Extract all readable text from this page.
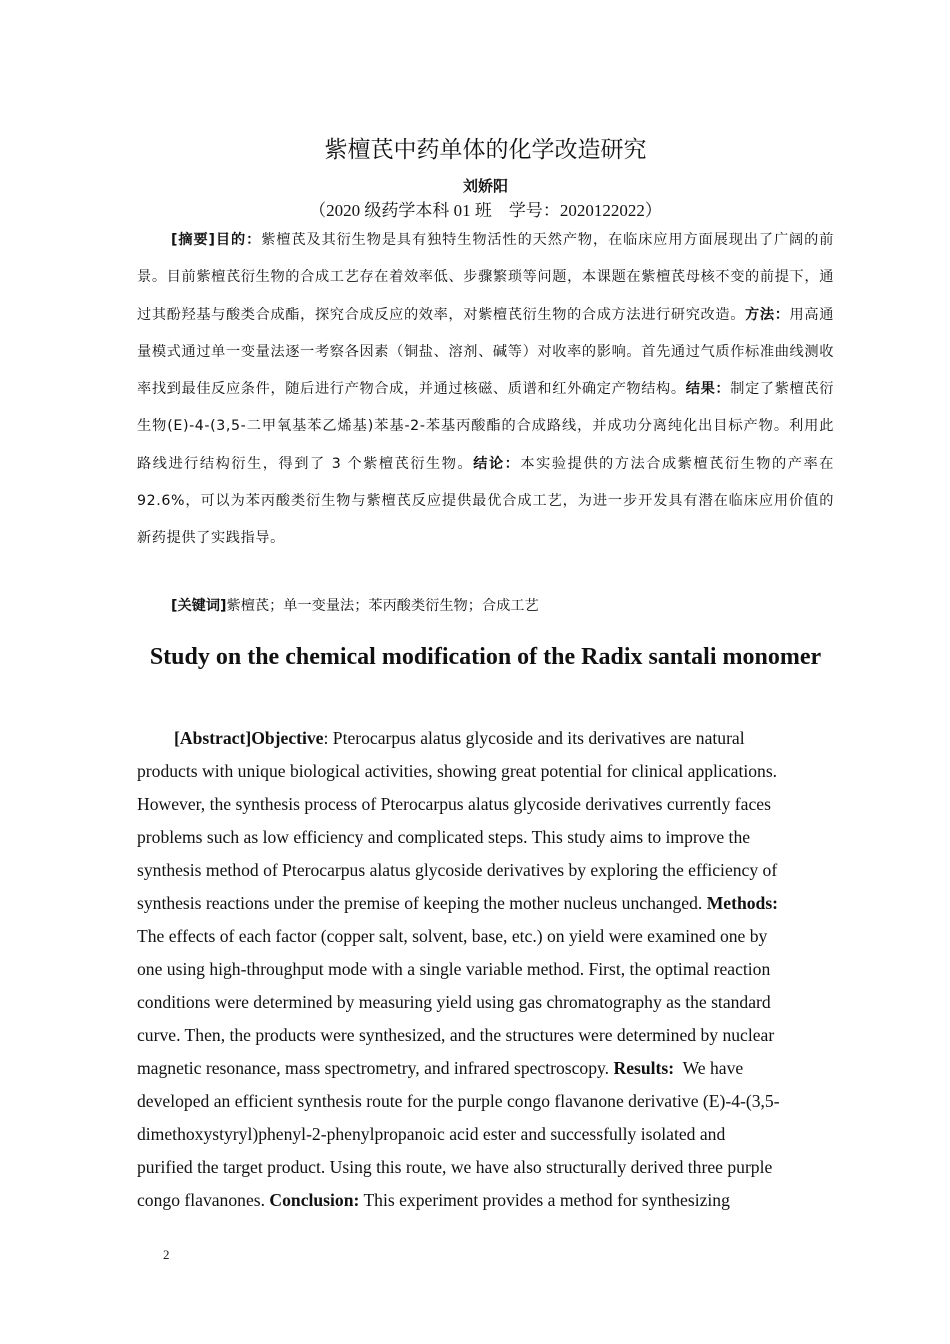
紫檀芪中药单体的化学改造研究
刘娇阳
（2020 级药学本科 01 班　学号：2020122022）
[摘要]目的：紫檀芪及其衍生物是具有独特生物活性的天然产物，在临床应用方面展现出了广阔的前景。目前紫檀芪衍生物的合成工艺存在着效率低、步骤繁琐等问题，本课题在紫檀芪母核不变的前提下，通过其酚羟基与酸类合成酯，探究合成反应的效率，对紫檀芪衍生物的合成方法进行研究改造。方法：用高通量模式通过单一变量法逐一考察各因素（铜盐、溶剂、碱等）对收率的影响。首先通过气质作标准曲线测收率找到最佳反应条件，随后进行产物合成，并通过核磁、质谱和红外确定产物结构。结果：制定了紫檀芪衍生物(E)-4-(3,5-二甲氧基苯乙烯基)苯基-2-苯基丙酸酯的合成路线，并成功分离纯化出目标产物。利用此路线进行结构衍生，得到了 3 个紫檀芪衍生物。结论：本实验提供的方法合成紫檀芪衍生物的产率在 92.6%，可以为苯丙酸类衍生物与紫檀芪反应提供最优合成工艺，为进一步开发具有潜在临床应用价值的新药提供了实践指导。
[关键词]紫檀芪；单一变量法；苯丙酸类衍生物；合成工艺
Study on the chemical modification of the Radix santali monomer
[Abstract]Objective: Pterocarpus alatus glycoside and its derivatives are natural
products with unique biological activities, showing great potential for clinical applications.
However, the synthesis process of Pterocarpus alatus glycoside derivatives currently faces
problems such as low efficiency and complicated steps. This study aims to improve the
synthesis method of Pterocarpus alatus glycoside derivatives by exploring the efficiency of
synthesis reactions under the premise of keeping the mother nucleus unchanged. Methods:
The effects of each factor (copper salt, solvent, base, etc.) on yield were examined one by
one using high-throughput mode with a single variable method. First, the optimal reaction
conditions were determined by measuring yield using gas chromatography as the standard
curve. Then, the products were synthesized, and the structures were determined by nuclear
magnetic resonance, mass spectrometry, and infrared spectroscopy. Results:  We have
developed an efficient synthesis route for the purple congo flavanone derivative (E)-4-(3,5-
dimethoxystyryl)phenyl-2-phenylpropanoic acid ester and successfully isolated and
purified the target product. Using this route, we have also structurally derived three purple
congo flavanones. Conclusion: This experiment provides a method for synthesizing
2
